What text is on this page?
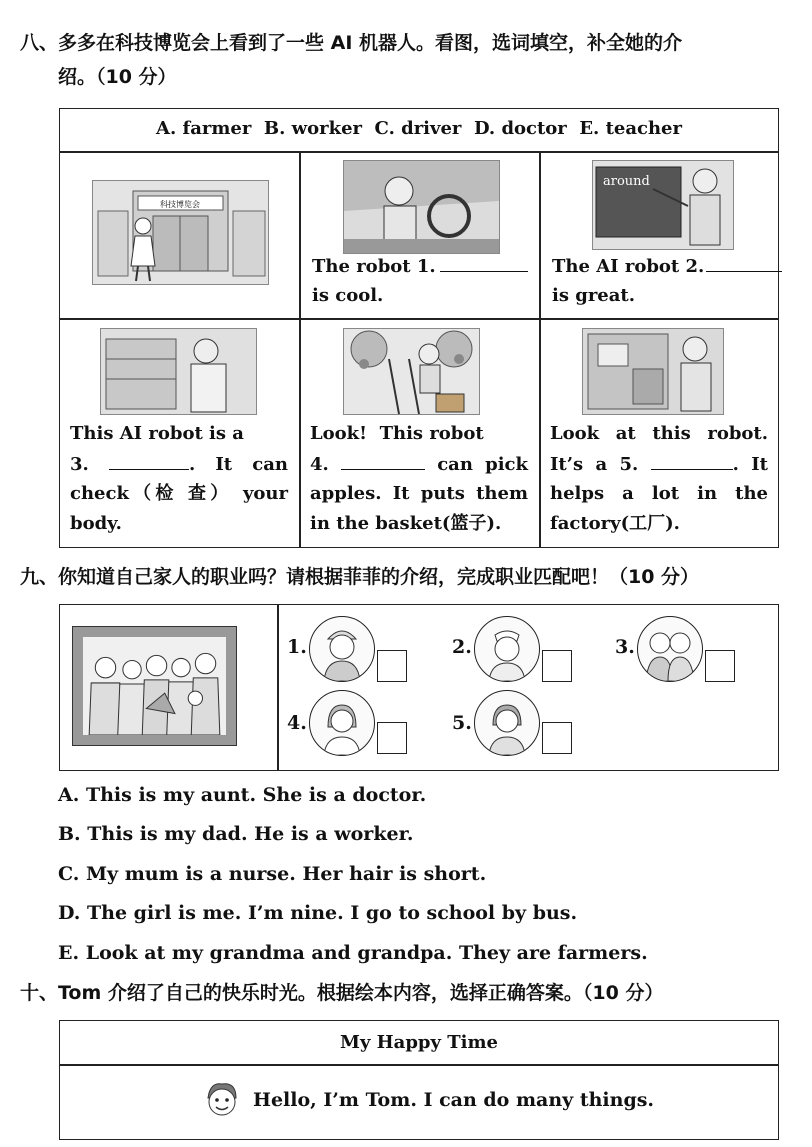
八、多多在科技博览会上看到了一些 AI 机器人。看图，选词填空，补全她的介
绍。（10 分）
A. farmer  B. worker  C. driver  D. doctor  E. teacher
科技博览会
around
The robot 1.
is cool.
The AI robot 2.
is great.
This AI robot is a
3.	. It can
check（检 查） your
body.
Look! This robot
4.	can pick
apples. It puts them
in the basket(篮子).
Look at this robot.
It’s a 5.	. It
helps a lot in the
factory(工厂).
九、你知道自己家人的职业吗？请根据菲菲的介绍，完成职业匹配吧！（10 分）
1.	2.	3.
4.	5.
A. This is my aunt. She is a doctor.
B. This is my dad. He is a worker.
C. My mum is a nurse. Her hair is short.
D. The girl is me. I’m nine. I go to school by bus.
E. Look at my grandma and grandpa. They are farmers.
十、Tom 介绍了自己的快乐时光。根据绘本内容，选择正确答案。（10 分）
My Happy Time
Hello, I’m Tom. I can do many things.
